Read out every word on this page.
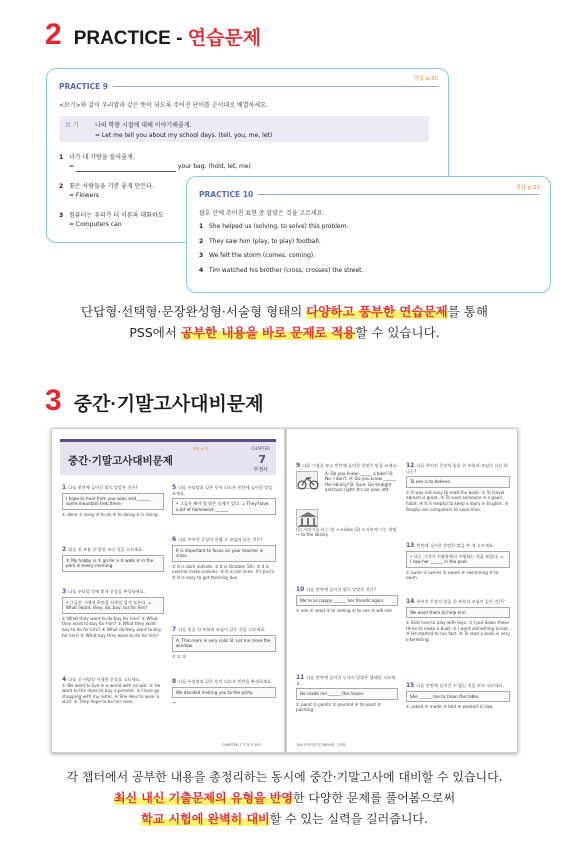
2 PRACTICE - 연습문제
정답 p.30
PRACTICE 9
<보기>와 같이 우리말과 같은 뜻이 되도록 주어진 단어를 순서대로 배열하세요.
보 기	나의 학창 시절에 대해 이야기해줄게.
= Let me tell you about my school days. (tell, you, me, let)
1 너가 네 가방을 들어줄게.
=	your bag. (hold, let, me)
2 꽃은 사람들을 기분 좋게 만든다.
= Flowers
3 컴퓨터는 우리가 더 이른과 대화하도
= Computers can
정답 p.30
PRACTICE 10
괄호 안에 주어진 표현 중 알맞은 것을 고르세요.
1 She helped us (solving, to solve) this problem.
2 They saw him (play, to play) football.
3 We felt the storm (comes, coming).
4 Tim watched his brother (cross, crosses) the street.
단답형·선택형·문장완성형·서술형 형태의 다양하고 풍부한 연습문제를 통해
PSS에서 공부한 내용을 바로 문제로 적용할 수 있습니다.
3 중간·기말고사대비문제
중간·기말고사대비문제
정답 p.31	CHAPTER
7
부정사
1 다음 빈칸에 들어갈 말로 알맞은 것은?
I hope to hear from you soon and ______ some mountain trek there.
① done ② zong ③ to do ④ to doing ⑤ is doing
2 밑줄 친 부분 중 알맞 쓰인 것을 고르세요.
① My hobby is ② go for a ③ walk ④ in the park ⑤ every morning.
3 다음 우리말 뜻에 맞게 문장을 완성하세요.
• 그들은 그에게 무엇을 사주일 일지 모른다. = What (want, they, do, buy, to) for him?
① What they want to do buy for him? ② What they want to buy for him? ③ What they want buy to do for him? ④ What do they want to buy for him? ⑤ What buy they want to do for him?
4 다음 중 어법상 어색한 문장을 고르세요.
① We want to live in a world with no war. ② He went to the store to buy a present. ③ I love go shopping with my sister. ④ She likes to wear a skirt. ⑤ They hope to be her soon.
5 다음 우리말과 같은 뜻이 되도록 빈칸에 들어갈 말을 쓰세요.
• 그들은 해야 할 많은 숙제가 있다. = They have a lot of homework ______.
6 다음 주어진 문장의 용법 중 쓰임과 다른 것은?
It is important to focus on your teacher in class.
① It is dark outside. ② It is October 5th. ③ It is used to make cookies. ④ It is not mine. It's Jinu's. ⑤ It is easy to get there by bus.
7 다음 밑줄 친 부분의 쓰임이 같은 것을 고르세요.
A: This room is very cold. B: Let me close the window.
① ② ③
8 다음 우리말과 같은 뜻이 되도록 빈칸을 완성하세요.
We decided inviting you to the party.
→
CHAPTER 7 부정사 193
9 다음 그림을 보고 빈칸에 들어갈 알맞은 말을 쓰세요.
A: Do you know ______ a bike? B: No, I don't. A: Do you know ______ the library? B: Sure. Go straight and turn right. It's on your left.
(1) 자전거를 타는 법 → a bike (2) 도서관에 가는 방법 → to the library
10 다음 빈칸에 들어갈 말로 알맞은 것은?
We're so happy ______ her friends again.
① see ② seed ③ to seeing ④ to see ⑤ will see
11 다음 빈칸에 들어갈 동사의 알맞은 형태를 고르세요.
He made me ______ the house.
① paint ② paints ③ painted ④ to paint ⑤ painting
12 다음 주어진 문장의 밑줄 친 부분과 쓰임이 다른 하나는?
To see is to believe.
① It was not easy to read the book. ② To travel abroad is great. ③ To save someone is a good habit. ④ It is helpful to keep a diary in English. ⑤ People use computers to save time.
13 빈칸에 들어갈 알맞은 말을 쓴 개 고르세요.
• 나는 그녀가 수영장에서 수영하는 것을 보았다. = I saw her ______ in the pool.
① swim ② swims ③ swam ④ swimming ⑤ to swim
14 주어진 문장의 밑줄 친 부분과 쓰임이 같은 것은?
We want them to help him.
① Kids love to play with toys. ② I put down these three to make a boat. ③ I want something to eat. ④ He started to run fast. ⑤ To read a book is very interesting.
15 다음 빈칸에 들어갈 수 없는 것을 모두 고르세요.
She ______ me to clean the table.
① asked ② made ③ told ④ wanted ⑤ saw
194 중학영문법 3800제 · 2학년
각 챕터에서 공부한 내용을 총정리하는 동시에 중간·기말고사에 대비할 수 있습니다.
최신 내신 기출문제의 유형을 반영한 다양한 문제를 풀어봄으로써
학교 시험에 완벽히 대비할 수 있는 실력을 길러줍니다.
